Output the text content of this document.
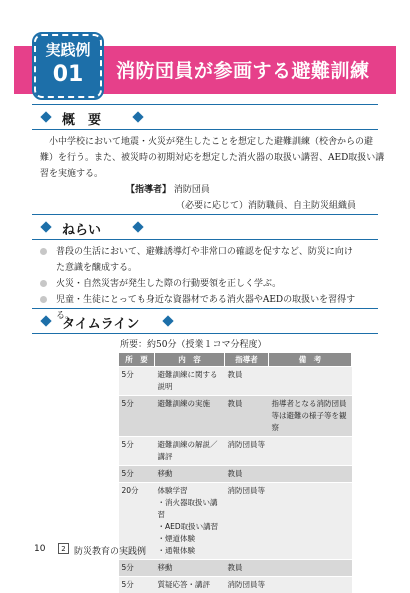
実践例
01	消防団員が参画する避難訓練
概　要
小中学校において地震・火災が発生したことを想定した避難訓練（校舎からの避難）を行う。また、被災時の初期対応を想定した消火器の取扱い講習、AED取扱い講習を実施する。
【指導者】 消防団員
（必要に応じて）消防職員、自主防災組織員
ねらい
普段の生活において、避難誘導灯や非常口の確認を促すなど、防災に向けた意識を醸成する。
火災・自然災害が発生した際の行動要領を正しく学ぶ。
児童・生徒にとっても身近な資器材である消火器やAEDの取扱いを習得する。
タイムライン
所要：約50分（授業１コマ分程度）
所　要	内　容	指導者	備　考
5分	避難訓練に関する説明	教員	
5分	避難訓練の実施	教員	指導者となる消防団員等は避難の様子等を観察
5分	避難訓練の解説／講評	消防団員等	
5分	移動	教員	
20分	体験学習
・消火器取扱い講習
・AED取扱い講習
・煙道体験
・通報体験	消防団員等	
5分	移動	教員	
5分	質疑応答・講評	消防団員等	
10	2 防災教育の実践例
